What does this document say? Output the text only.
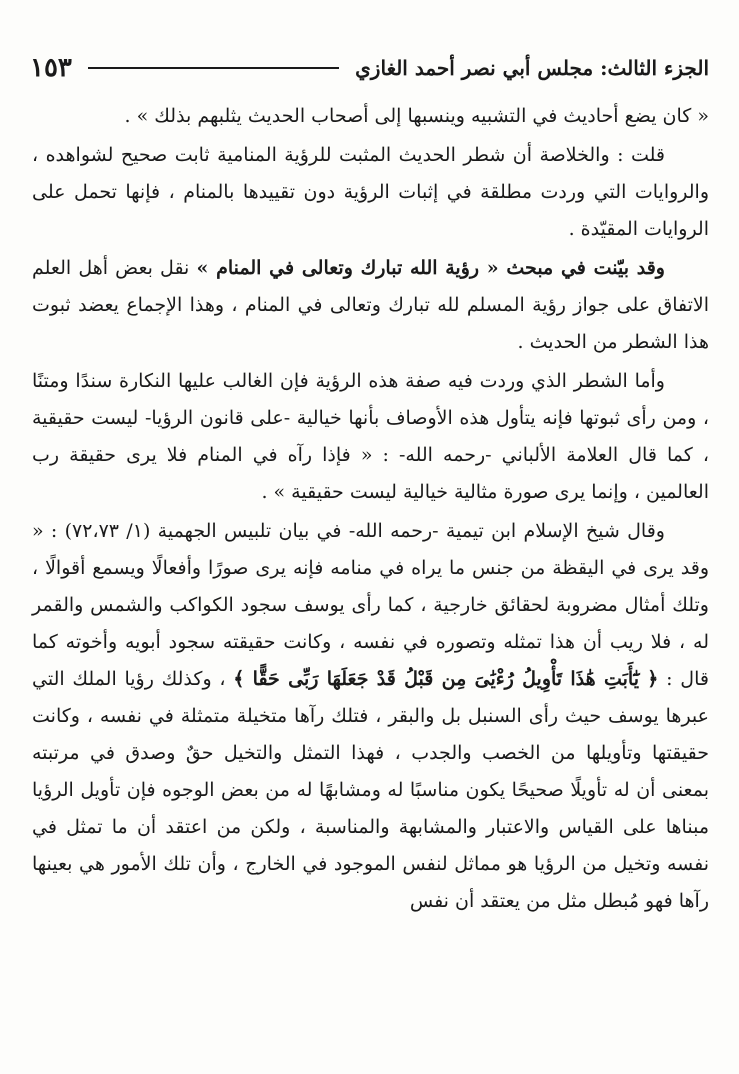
الجزء الثالث: مجلس أبي نصر أحمد الغازي
١٥٣

« كان يضع أحاديث في التشبيه وينسبها إلى أصحاب الحديث يثلبهم بذلك » .

قلت : والخلاصة أن شطر الحديث المثبت للرؤية المنامية ثابت صحيح لشواهده ، والروايات التي وردت مطلقة في إثبات الرؤية دون تقييدها بالمنام ، فإنها تحمل على الروايات المقيّدة .

وقد بيّنت في مبحث « رؤية الله تبارك وتعالى في المنام » نقل بعض أهل العلم الاتفاق على جواز رؤية المسلم لله تبارك وتعالى في المنام ، وهذا الإجماع يعضد ثبوت هذا الشطر من الحديث .

وأما الشطر الذي وردت فيه صفة هذه الرؤية فإن الغالب عليها النكارة سندًا ومتنًا ، ومن رأى ثبوتها فإنه يتأول هذه الأوصاف بأنها خيالية -على قانون الرؤيا- ليست حقيقية ، كما قال العلامة الألباني -رحمه الله- : « فإذا رآه في المنام فلا يرى حقيقة رب العالمين ، وإنما يرى صورة مثالية خيالية ليست حقيقية » .

وقال شيخ الإسلام ابن تيمية -رحمه الله- في بيان تلبيس الجهمية (١/ ٧٢،٧٣) : « وقد يرى في اليقظة من جنس ما يراه في منامه فإنه يرى صورًا وأفعالًا ويسمع أقوالًا ، وتلك أمثال مضروبة لحقائق خارجية ، كما رأى يوسف سجود الكواكب والشمس والقمر له ، فلا ريب أن هذا تمثله وتصوره في نفسه ، وكانت حقيقته سجود أبويه وأخوته كما قال : ﴿ يَٰٓأَبَتِ هَٰذَا تَأْوِيلُ رُءْيَٰىَ مِن قَبْلُ قَدْ جَعَلَهَا رَبِّى حَقًّا ﴾ ، وكذلك رؤيا الملك التي عبرها يوسف حيث رأى السنبل بل والبقر ، فتلك رآها متخيلة متمثلة في نفسه ، وكانت حقيقتها وتأويلها من الخصب والجدب ، فهذا التمثل والتخيل حقٌ وصدق في مرتبته بمعنى أن له تأويلًا صحيحًا يكون مناسبًا له ومشابهًا له من بعض الوجوه فإن تأويل الرؤيا مبناها على القياس والاعتبار والمشابهة والمناسبة ، ولكن من اعتقد أن ما تمثل في نفسه وتخيل من الرؤيا هو مماثل لنفس الموجود في الخارج ، وأن تلك الأمور هي بعينها رآها فهو مُبطل مثل من يعتقد أن نفس
